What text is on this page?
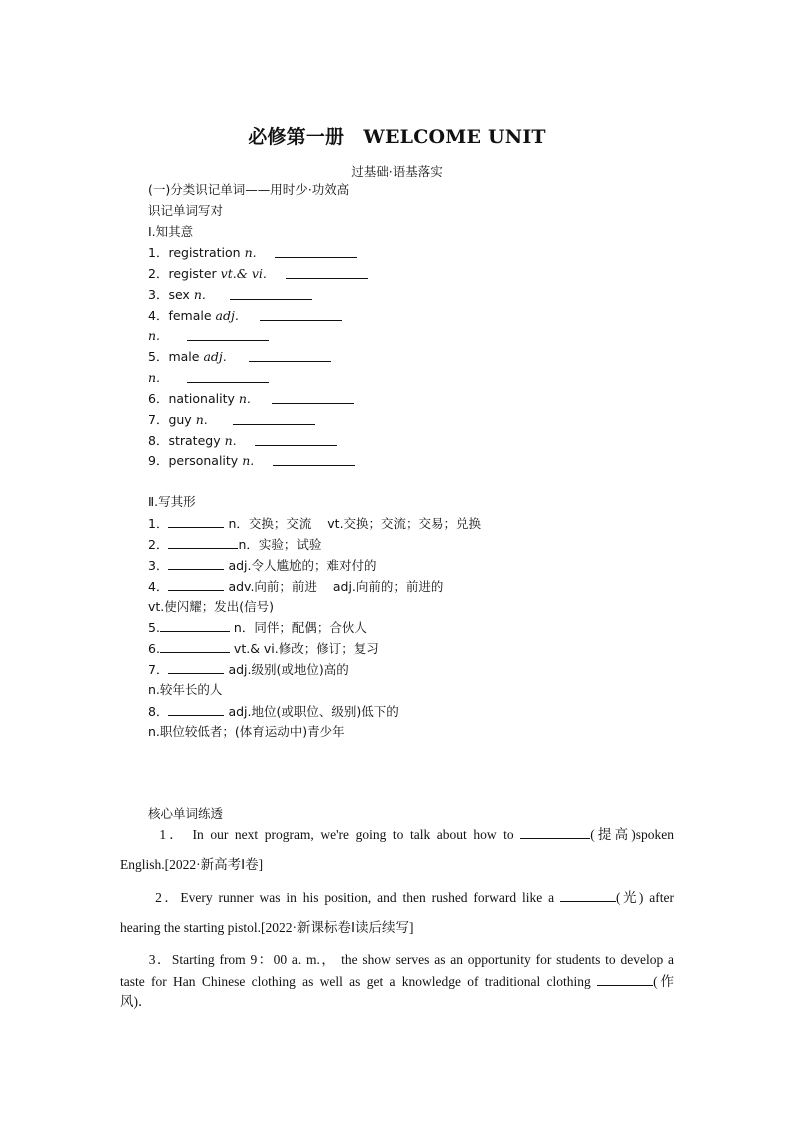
必修第一册　WELCOME UNIT
过基础·语基落实
(一)分类识记单词——用时少·功效高
识记单词写对
Ⅰ.知其意
1．registration n.
2．register vt.& vi.
3．sex n.
4．female adj.
n.
5．male adj.
n.
6．nationality n.
7．guy n.
8．strategy n.
9．personality n.
Ⅱ.写其形
1．	n．交换；交流 vt.交换；交流；交易；兑换
2．	n．实验；试验
3．	adj.令人尴尬的；难对付的
4．	adv.向前；前进 adj.向前的；前进的
vt.使闪耀；发出(信号)
5.	n．同伴；配偶；合伙人
6.	vt.& vi.修改；修订；复习
7．	adj.级别(或地位)高的
n.较年长的人
8．	adj.地位(或职位、级别)低下的
n.职位较低者；(体育运动中)青少年
核心单词练透
1． In our next program, we're going to talk about how to	(提高)spoken
English.[2022·新高考Ⅰ卷]
2．Every runner was in his position, and then rushed forward like a	(光) after
hearing the starting pistol.[2022·新课标卷Ⅰ读后续写]
3．Starting from 9：00 a. m.， the show serves as an opportunity for students to develop a
taste for Han Chinese clothing as well as get a knowledge of traditional clothing	(作
风)．
